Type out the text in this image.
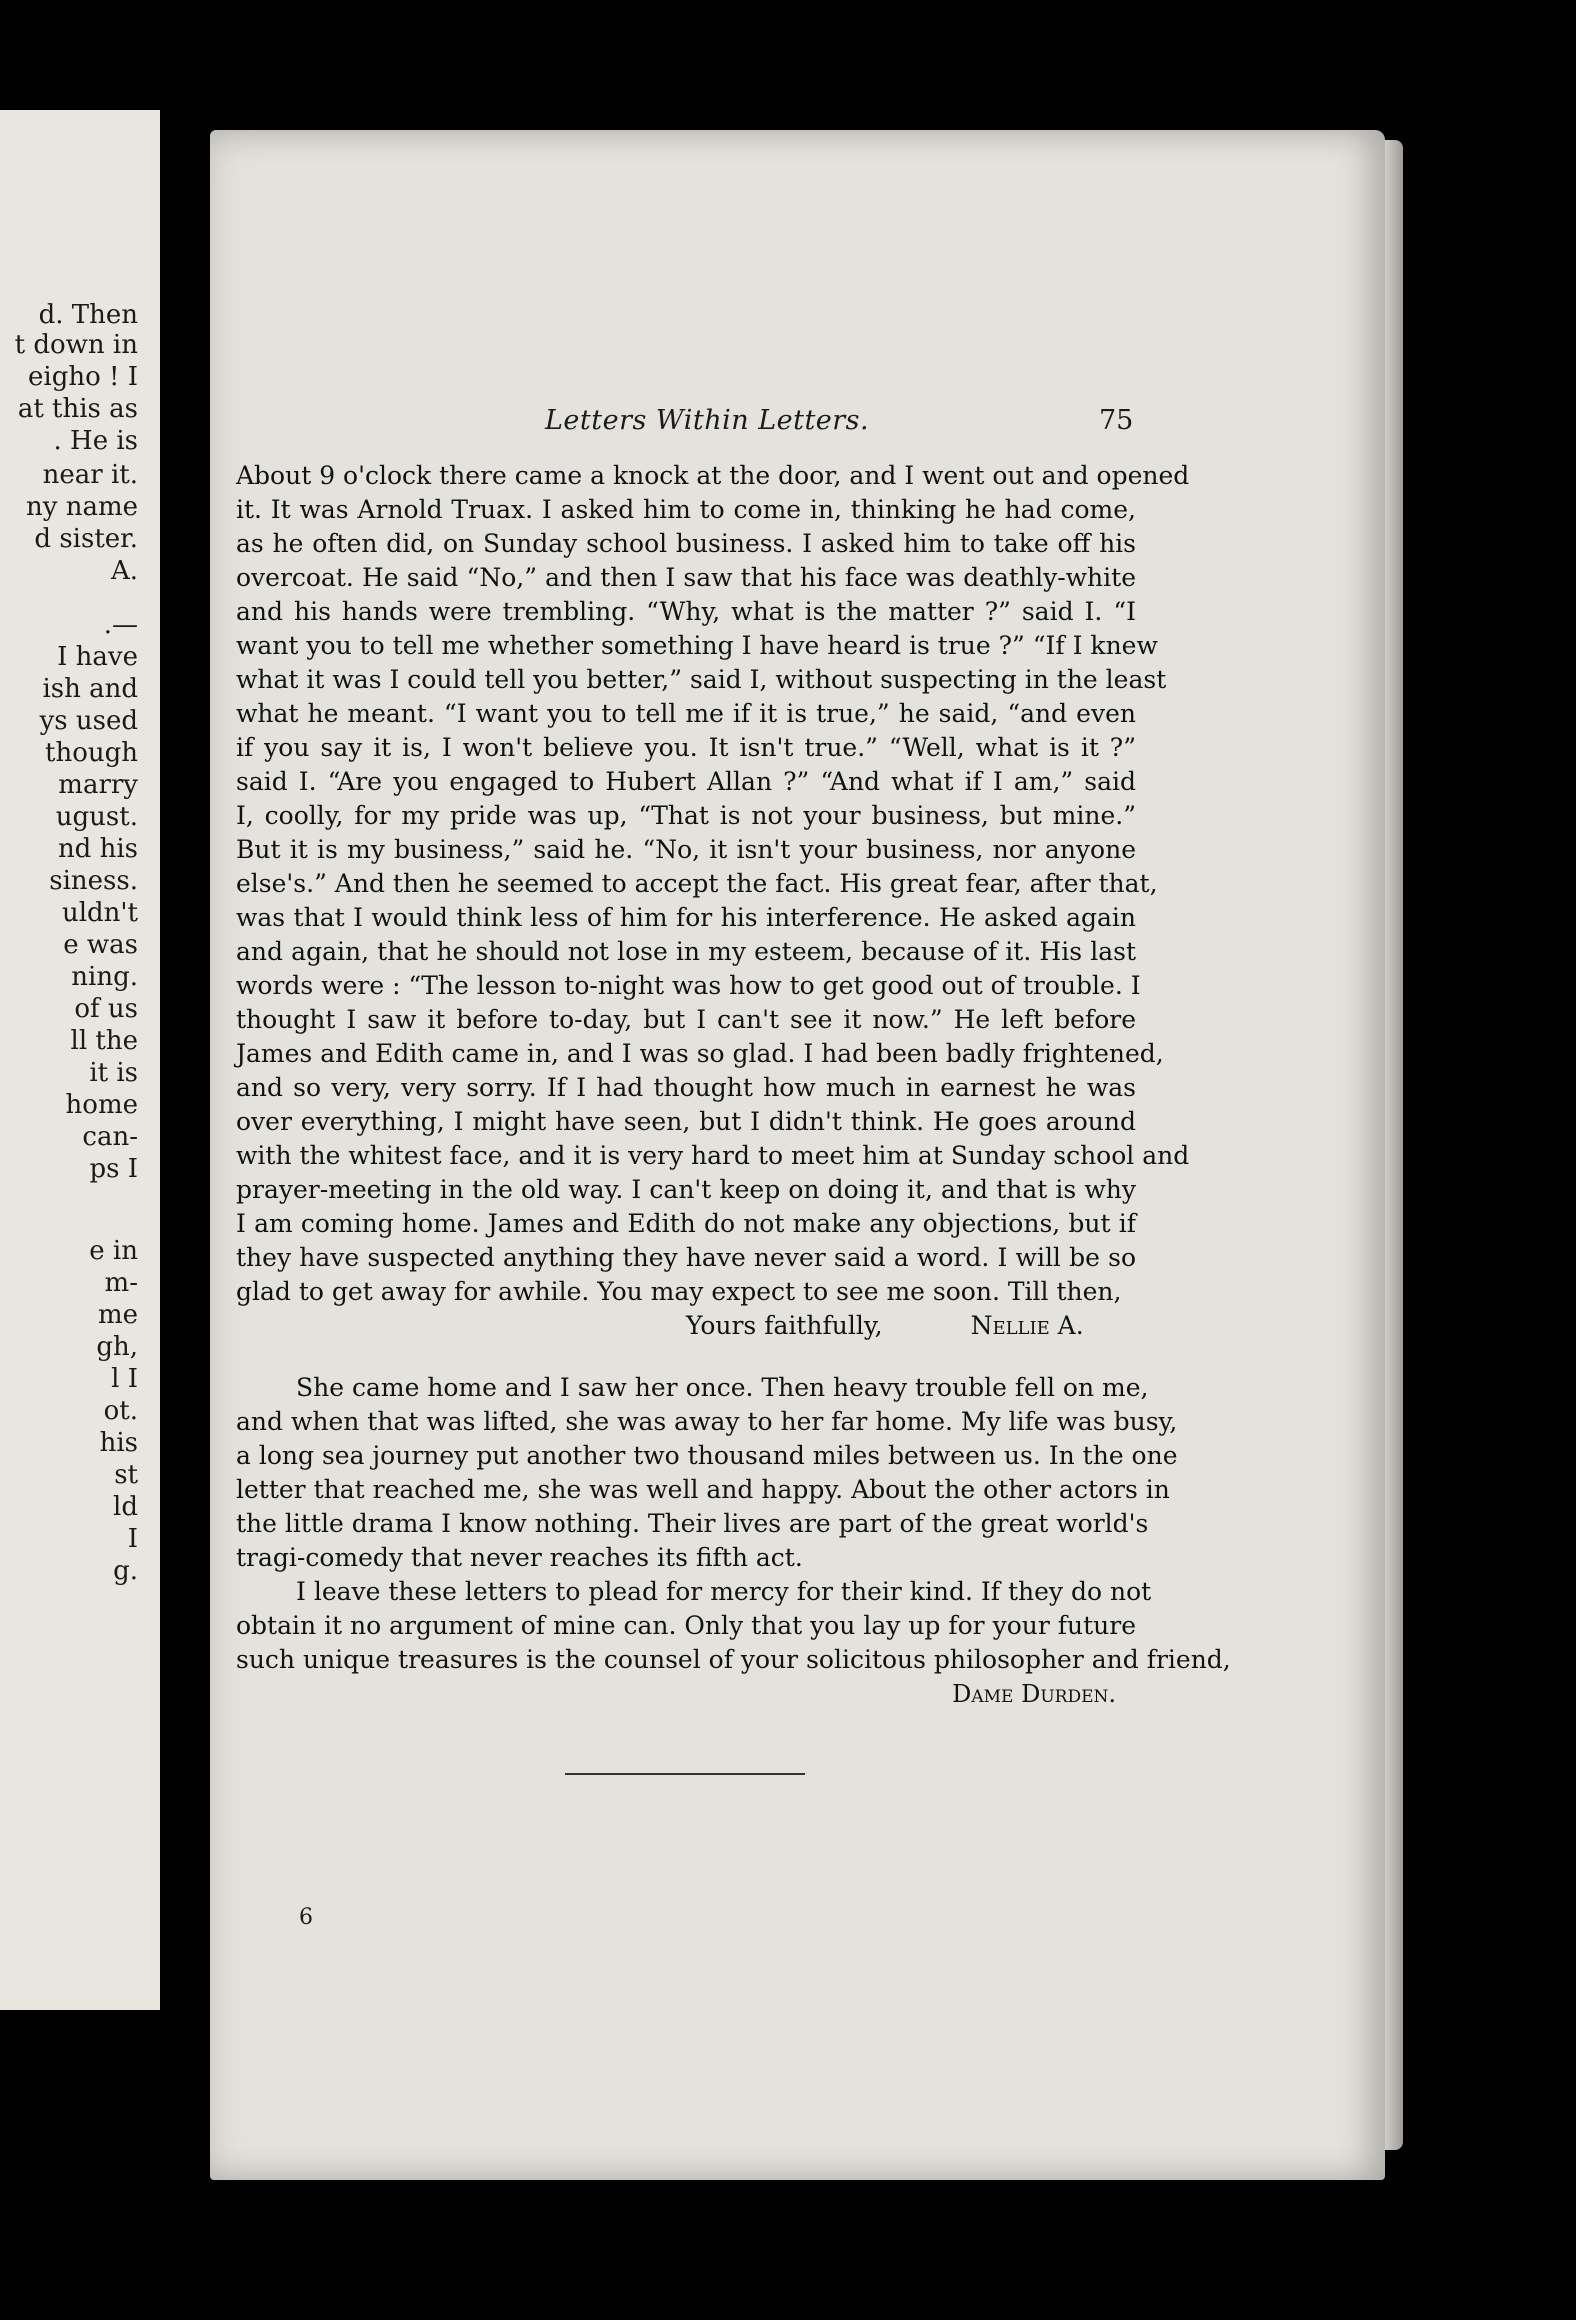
d. Then
t down in
eigho ! I
at this as
. He is
near it.
ny name
d sister.
A.
.—
I have
ish and
ys used
though
marry
ugust.
nd his
siness.
uldn't
e was
ning.
of us
ll the
it is
home
can-
ps I
e in
m-
me
gh,
l I
ot.
his
st
ld
I
g.
Letters Within Letters.	75
About 9 o'clock there came a knock at the door, and I went out and opened
it. It was Arnold Truax. I asked him to come in, thinking he had come,
as he often did, on Sunday school business. I asked him to take off his
overcoat. He said “No,” and then I saw that his face was deathly-white
and his hands were trembling. “Why, what is the matter ?” said I. “I
want you to tell me whether something I have heard is true ?” “If I knew
what it was I could tell you better,” said I, without suspecting in the least
what he meant. “I want you to tell me if it is true,” he said, “and even
if you say it is, I won't believe you. It isn't true.” “Well, what is it ?”
said I. “Are you engaged to Hubert Allan ?” “And what if I am,” said
I, coolly, for my pride was up, “That is not your business, but mine.”
But it is my business,” said he. “No, it isn't your business, nor anyone
else's.” And then he seemed to accept the fact. His great fear, after that,
was that I would think less of him for his interference. He asked again
and again, that he should not lose in my esteem, because of it. His last
words were : “The lesson to-night was how to get good out of trouble. I
thought I saw it before to-day, but I can't see it now.” He left before
James and Edith came in, and I was so glad. I had been badly frightened,
and so very, very sorry. If I had thought how much in earnest he was
over everything, I might have seen, but I didn't think. He goes around
with the whitest face, and it is very hard to meet him at Sunday school and
prayer-meeting in the old way. I can't keep on doing it, and that is why
I am coming home. James and Edith do not make any objections, but if
they have suspected anything they have never said a word. I will be so
glad to get away for awhile. You may expect to see me soon. Till then,
Yours faithfully,	Nellie A.
She came home and I saw her once. Then heavy trouble fell on me,
and when that was lifted, she was away to her far home. My life was busy,
a long sea journey put another two thousand miles between us. In the one
letter that reached me, she was well and happy. About the other actors in
the little drama I know nothing. Their lives are part of the great world's
tragi-comedy that never reaches its fifth act.
I leave these letters to plead for mercy for their kind. If they do not
obtain it no argument of mine can. Only that you lay up for your future
such unique treasures is the counsel of your solicitous philosopher and friend,
Dame Durden.
6
